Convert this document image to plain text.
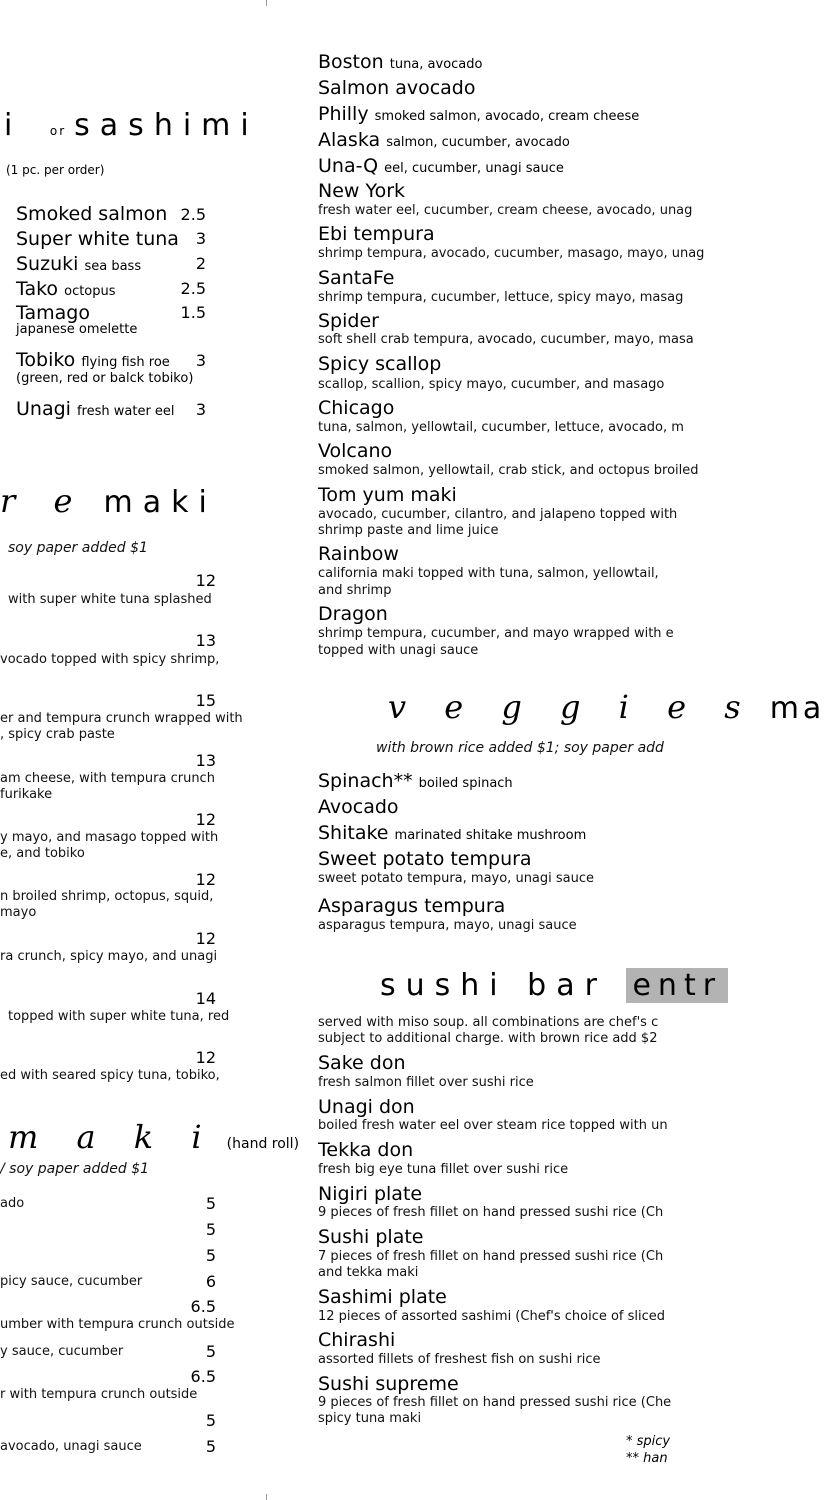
i or sashimi
(1 pc. per order)
Smoked salmon 2.5
Super white tuna	3
Suzuki sea bass	2
Tako octopus	2.5
Tamago	1.5
japanese omelette
Tobiko flying fish roe	3
(green, red or balck tobiko)
Unagi fresh water eel	3
r e maki
soy paper added $1
12
with super white tuna splashed
13
vocado topped with spicy shrimp,
15
er and tempura crunch wrapped with
, spicy crab paste
13
am cheese, with tempura crunch
furikake
12
y mayo, and masago topped with
e, and tobiko
12
n broiled shrimp, octopus, squid,
mayo
12
ra crunch, spicy mayo, and unagi
14
topped with super white tuna, red
12
ed with seared spicy tuna, tobiko,
m a k i (hand roll)
/ soy paper added $1
ado	5
5
5
picy sauce, cucumber	6
6.5
umber with tempura crunch outside
y sauce, cucumber	5
6.5
r with tempura crunch outside
5
avocado, unagi sauce	5
Boston tuna, avocado
Salmon avocado
Philly smoked salmon, avocado, cream cheese
Alaska salmon, cucumber, avocado
Una-Q eel, cucumber, unagi sauce
New York
fresh water eel, cucumber, cream cheese, avocado, unag
Ebi tempura
shrimp tempura, avocado, cucumber, masago, mayo, unag
SantaFe
shrimp tempura, cucumber, lettuce, spicy mayo, masag
Spider
soft shell crab tempura, avocado, cucumber, mayo, masa
Spicy scallop
scallop, scallion, spicy mayo, cucumber, and masago
Chicago
tuna, salmon, yellowtail, cucumber, lettuce, avocado, m
Volcano
smoked salmon, yellowtail, crab stick, and octopus broiled
Tom yum maki
avocado, cucumber, cilantro, and jalapeno topped with
shrimp paste and lime juice
Rainbow
california maki topped with tuna, salmon, yellowtail,
and shrimp
Dragon
shrimp tempura, cucumber, and mayo wrapped with e
topped with unagi sauce
v e g g i e s ma
with brown rice added $1; soy paper add
Spinach** boiled spinach
Avocado
Shitake marinated shitake mushroom
Sweet potato tempura
sweet potato tempura, mayo, unagi sauce
Asparagus tempura
asparagus tempura, mayo, unagi sauce
sushi bar entr
served with miso soup. all combinations are chef's c
subject to additional charge. with brown rice add $2
Sake don
fresh salmon fillet over sushi rice
Unagi don
boiled fresh water eel over steam rice topped with un
Tekka don
fresh big eye tuna fillet over sushi rice
Nigiri plate
9 pieces of fresh fillet on hand pressed sushi rice (Ch
Sushi plate
7 pieces of fresh fillet on hand pressed sushi rice (Ch
and tekka maki
Sashimi plate
12 pieces of assorted sashimi (Chef's choice of sliced
Chirashi
assorted fillets of freshest fish on sushi rice
Sushi supreme
9 pieces of fresh fillet on hand pressed sushi rice (Che
spicy tuna maki
* spicy
** han
